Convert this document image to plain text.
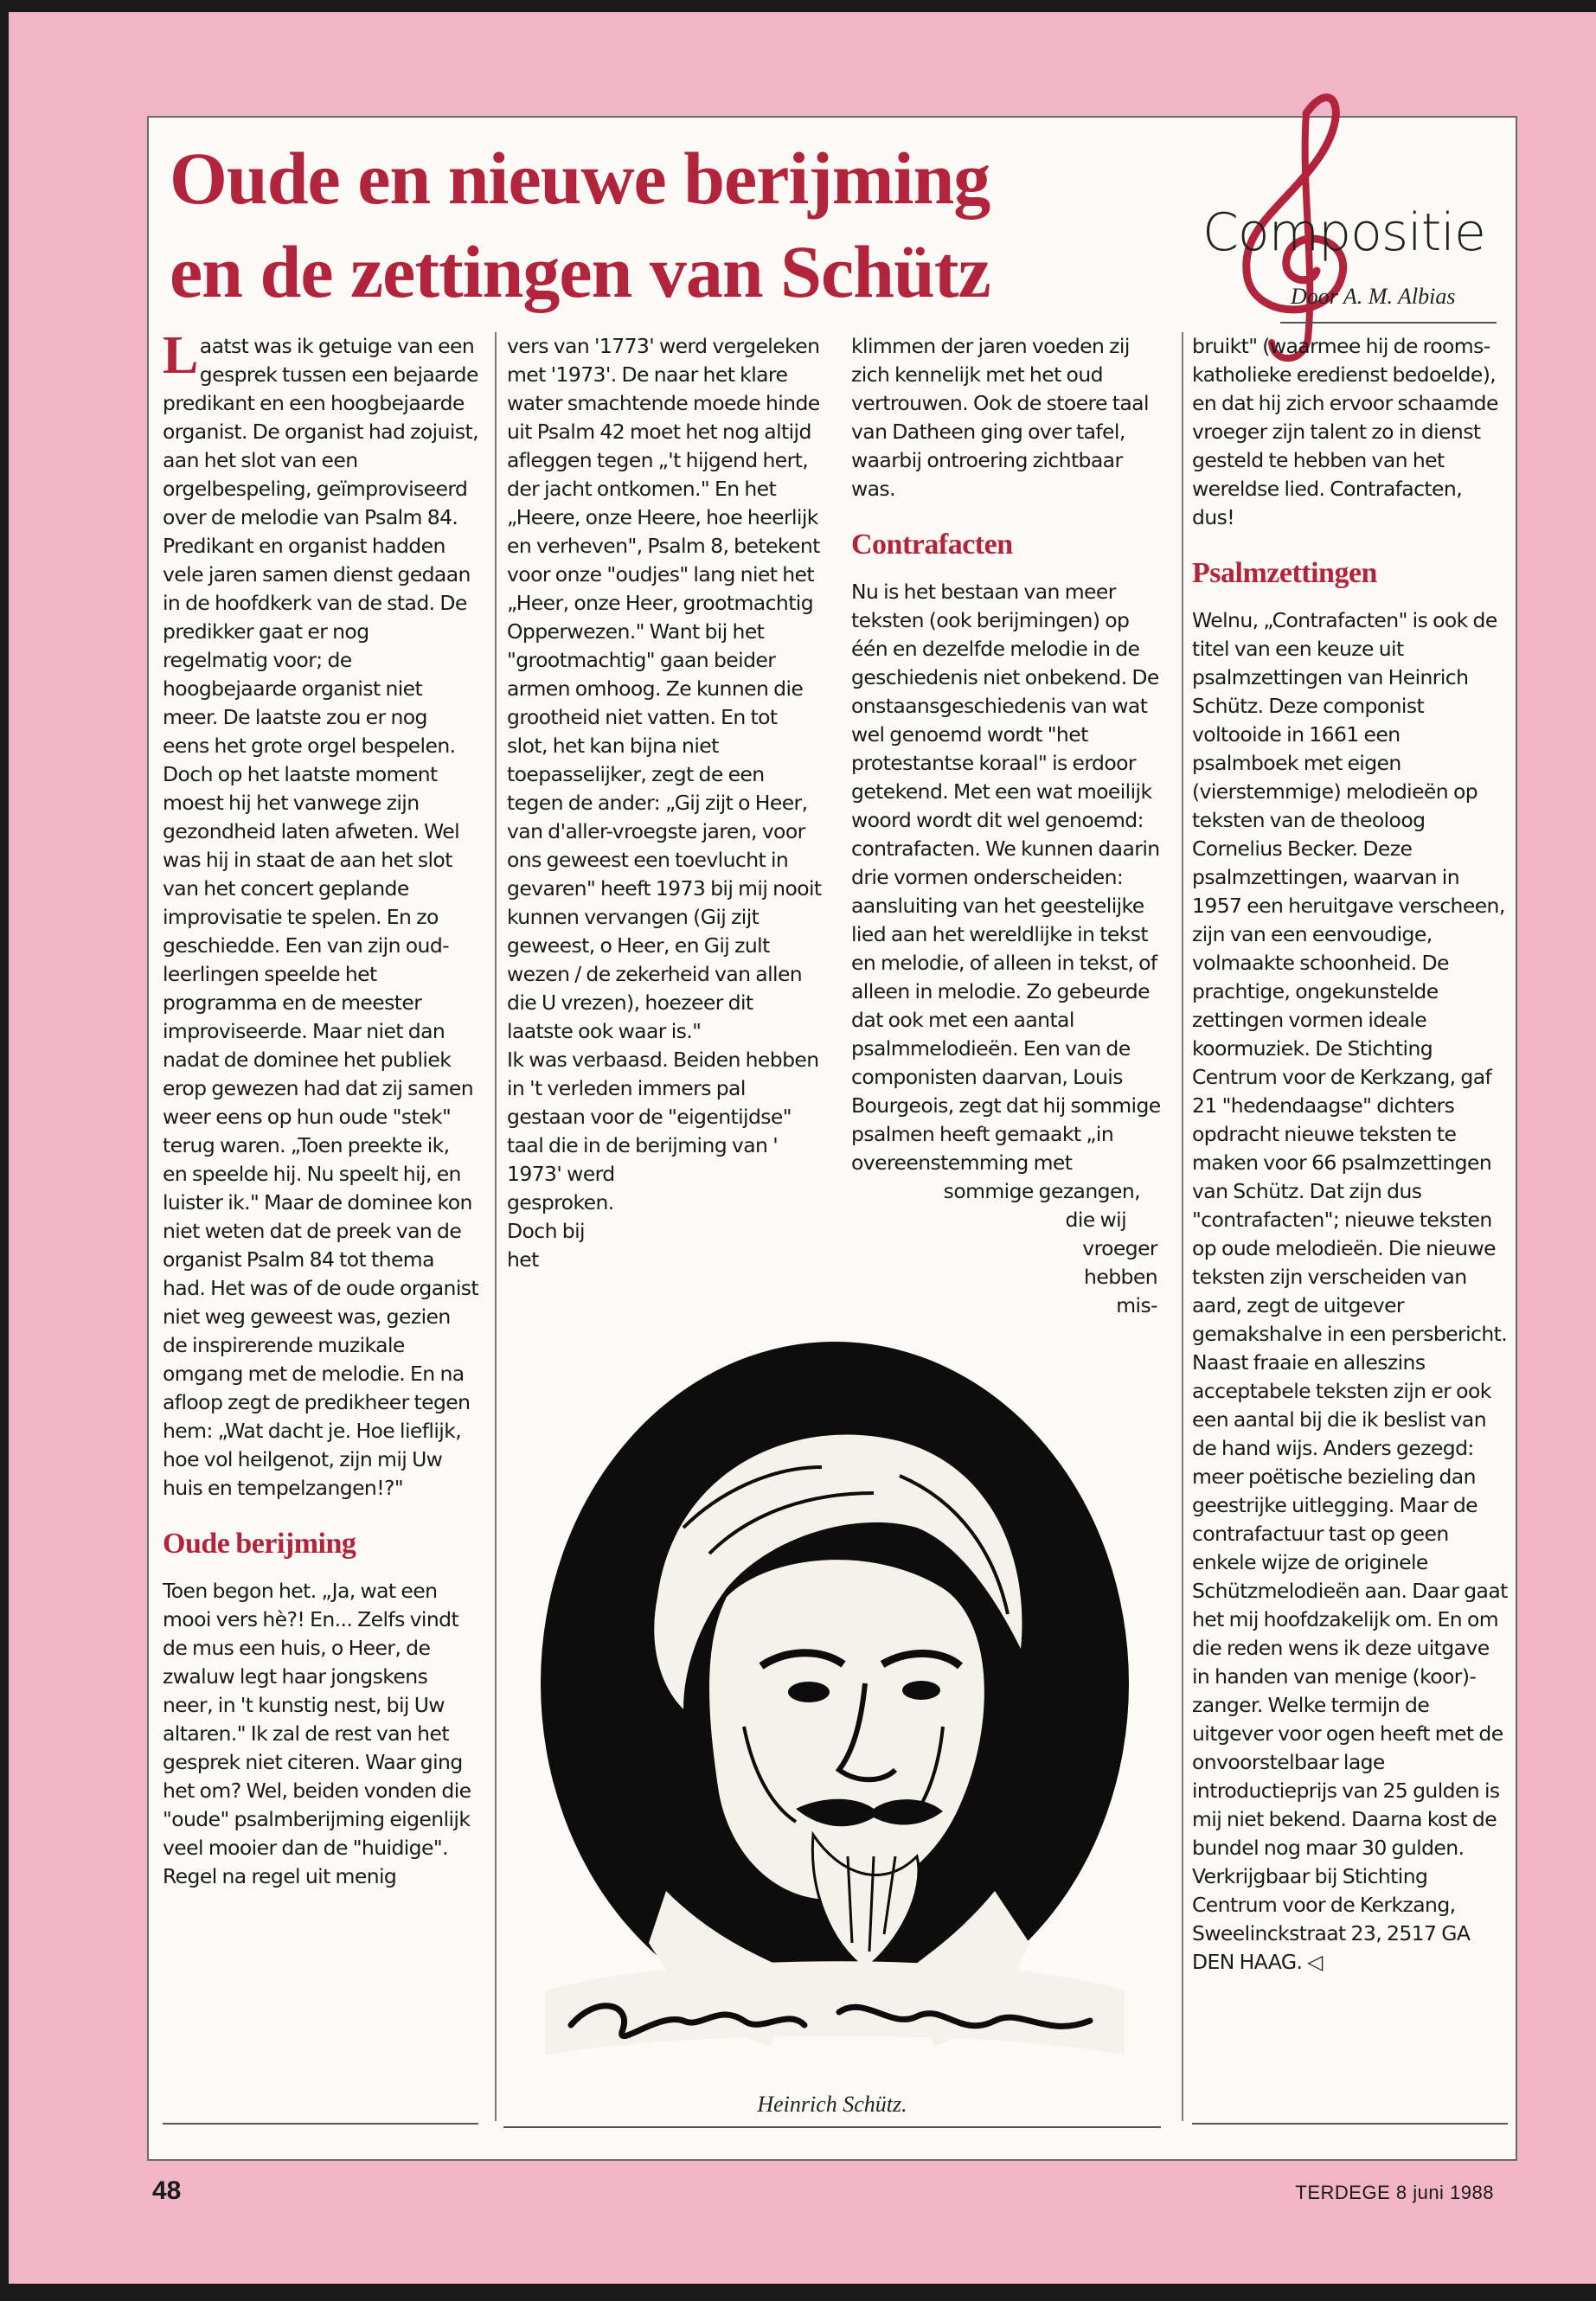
Oude en nieuwe berijming
en de zettingen van Schütz	Compositie
Door A. M. Albias

Laatst was ik getuige van een gesprek tussen een bejaarde predikant en een hoogbejaarde organist. De organist had zojuist, aan het slot van een orgelbespeling, geïmproviseerd over de melodie van Psalm 84. Predikant en organist hadden vele jaren samen dienst gedaan in de hoofdkerk van de stad. De predikker gaat er nog regelmatig voor; de hoogbejaarde organist niet meer. De laatste zou er nog eens het grote orgel bespelen. Doch op het laatste moment moest hij het vanwege zijn gezondheid laten afweten. Wel was hij in staat de aan het slot van het concert geplande improvisatie te spelen. En zo geschiedde. Een van zijn oud-leerlingen speelde het programma en de meester improviseerde. Maar niet dan nadat de dominee het publiek erop gewezen had dat zij samen weer eens op hun oude "stek" terug waren. „Toen preekte ik, en speelde hij. Nu speelt hij, en luister ik." Maar de dominee kon niet weten dat de preek van de organist Psalm 84 tot thema had. Het was of de oude organist niet weg geweest was, gezien de inspirerende muzikale omgang met de melodie. En na afloop zegt de predikheer tegen hem: „Wat dacht je. Hoe lieflijk, hoe vol heilgenot, zijn mij Uw huis en tempelzangen!?"

Oude berijming

Toen begon het. „Ja, wat een mooi vers hè?! En... Zelfs vindt de mus een huis, o Heer, de zwaluw legt haar jongskens neer, in 't kunstig nest, bij Uw altaren." Ik zal de rest van het gesprek niet citeren. Waar ging het om? Wel, beiden vonden die "oude" psalmberijming eigenlijk veel mooier dan de "huidige". Regel na regel uit menig

vers van '1773' werd vergeleken met '1973'. De naar het klare water smachtende moede hinde uit Psalm 42 moet het nog altijd afleggen tegen „'t hijgend hert, der jacht ontkomen." En het „Heere, onze Heere, hoe heerlijk en verheven", Psalm 8, betekent voor onze "oudjes" lang niet het „Heer, onze Heer, grootmachtig Opperwezen." Want bij het "grootmachtig" gaan beider armen omhoog. Ze kunnen die grootheid niet vatten. En tot slot, het kan bijna niet toepasselijker, zegt de een tegen de ander: „Gij zijt o Heer, van d'aller-vroegste jaren, voor ons geweest een toevlucht in gevaren" heeft 1973 bij mij nooit kunnen vervangen (Gij zijt geweest, o Heer, en Gij zult wezen / de zekerheid van allen die U vrezen), hoezeer dit laatste ook waar is."

Ik was verbaasd. Beiden hebben in 't verleden immers pal gestaan voor de "eigentijdse" taal die in de berijming van '

1973' werd
gesproken.
Doch bij
het

klimmen der jaren voeden zij zich kennelijk met het oud vertrouwen. Ook de stoere taal van Datheen ging over tafel, waarbij ontroering zichtbaar was.

Contrafacten

Nu is het bestaan van meer teksten (ook berijmingen) op één en dezelfde melodie in de geschiedenis niet onbekend. De onstaansgeschiedenis van wat wel genoemd wordt "het protestantse koraal" is erdoor getekend. Met een wat moeilijk woord wordt dit wel genoemd: contrafacten. We kunnen daarin drie vormen onderscheiden: aansluiting van het geestelijke lied aan het wereldlijke in tekst en melodie, of alleen in tekst, of alleen in melodie. Zo gebeurde dat ook met een aantal psalmmelodieën. Een van de componisten daarvan, Louis Bourgeois, zegt dat hij sommige psalmen heeft gemaakt „in overeenstemming met

sommige gezangen,
die wij
vroeger
hebben
mis-

bruikt" (waarmee hij de rooms-katholieke eredienst bedoelde), en dat hij zich ervoor schaamde vroeger zijn talent zo in dienst gesteld te hebben van het wereldse lied. Contrafacten, dus!

Psalmzettingen

Welnu, „Contrafacten" is ook de titel van een keuze uit psalmzettingen van Heinrich Schütz. Deze componist voltooide in 1661 een psalmboek met eigen (vierstemmige) melodieën op teksten van de theoloog Cornelius Becker. Deze psalmzettingen, waarvan in 1957 een heruitgave verscheen, zijn van een eenvoudige, volmaakte schoonheid. De prachtige, ongekunstelde zettingen vormen ideale koormuziek. De Stichting Centrum voor de Kerkzang, gaf 21 "hedendaagse" dichters opdracht nieuwe teksten te maken voor 66 psalmzettingen van Schütz. Dat zijn dus "contrafacten"; nieuwe teksten op oude melodieën. Die nieuwe teksten zijn verscheiden van aard, zegt de uitgever gemakshalve in een persbericht. Naast fraaie en alleszins acceptabele teksten zijn er ook een aantal bij die ik beslist van de hand wijs. Anders gezegd: meer poëtische bezieling dan geestrijke uitlegging. Maar de contrafactuur tast op geen enkele wijze de originele Schützmelodieën aan. Daar gaat het mij hoofdzakelijk om. En om die reden wens ik deze uitgave in handen van menige (koor)-zanger. Welke termijn de uitgever voor ogen heeft met de onvoorstelbaar lage introductieprijs van 25 gulden is mij niet bekend. Daarna kost de bundel nog maar 30 gulden. Verkrijgbaar bij Stichting Centrum voor de Kerkzang, Sweelinckstraat 23, 2517 GA DEN HAAG. ◁

Heinrich Schütz.
48	TERDEGE 8 juni 1988
